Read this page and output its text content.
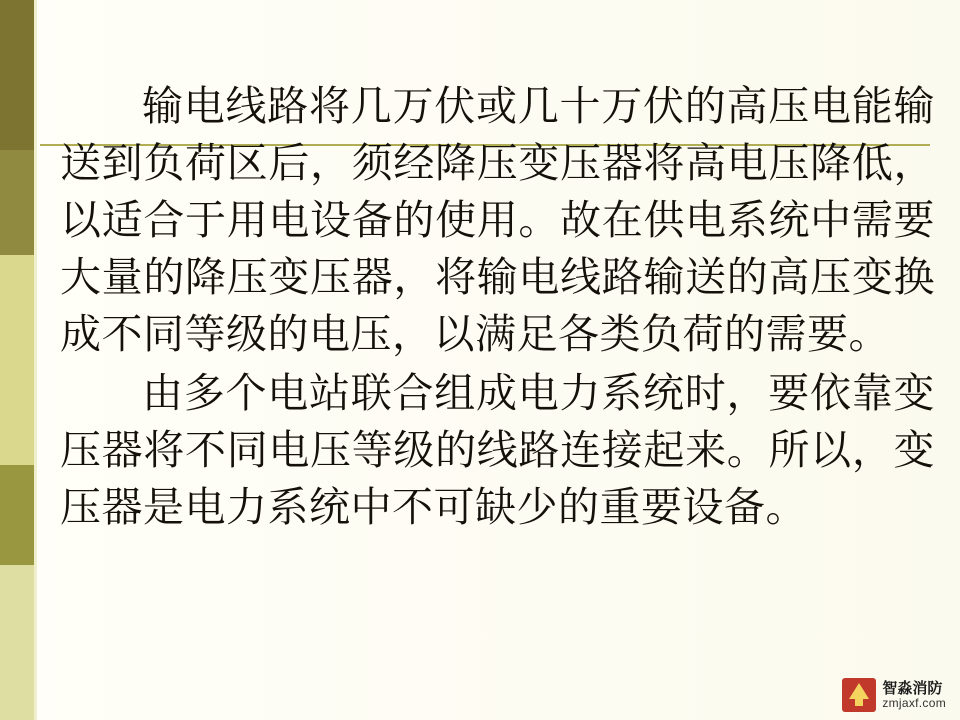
输电线路将几万伏或几十万伏的高压电能输送到负荷区后，须经降压变压器将高电压降低，以适合于用电设备的使用。故在供电系统中需要大量的降压变压器，将输电线路输送的高压变换成不同等级的电压，以满足各类负荷的需要。

由多个电站联合组成电力系统时，要依靠变压器将不同电压等级的线路连接起来。所以，变压器是电力系统中不可缺少的重要设备。

智淼消防
zmjaxf.com
